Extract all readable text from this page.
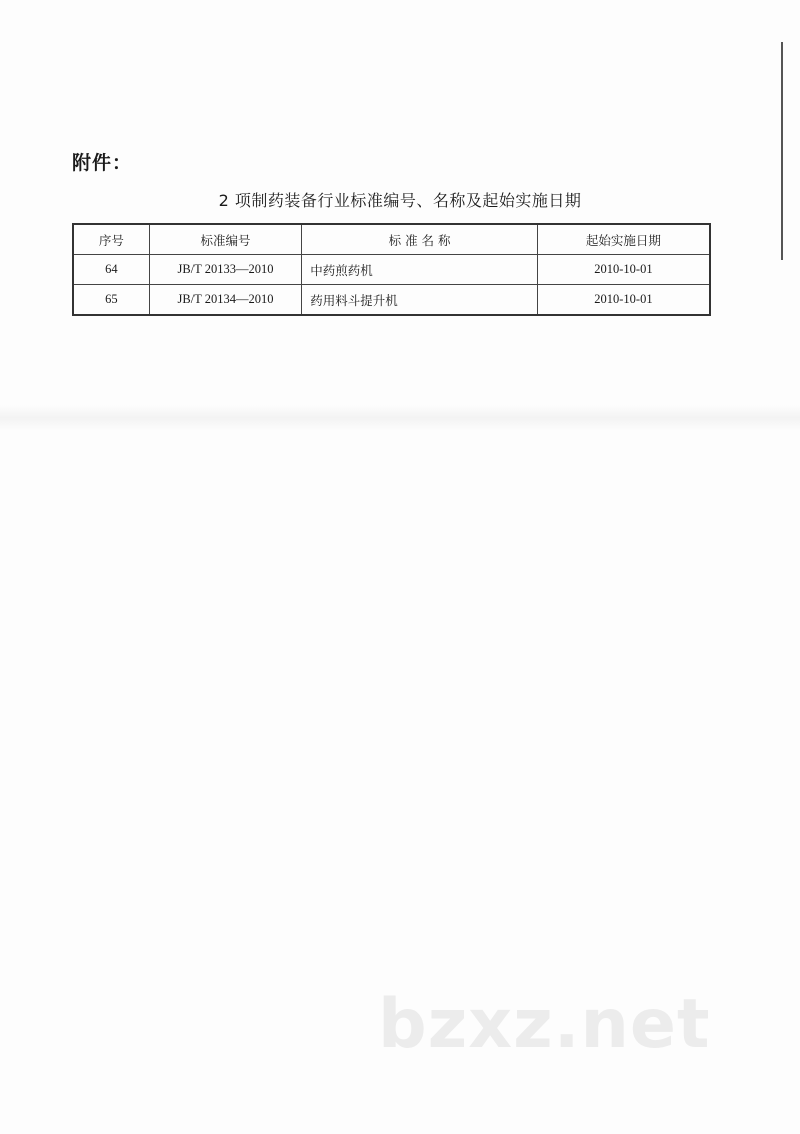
附件：
2 项制药装备行业标准编号、名称及起始实施日期
序号	标准编号	标 准 名 称	起始实施日期
64	JB/T 20133—2010	中药煎药机	2010-10-01
65	JB/T 20134—2010	药用料斗提升机	2010-10-01
bzxz.net
